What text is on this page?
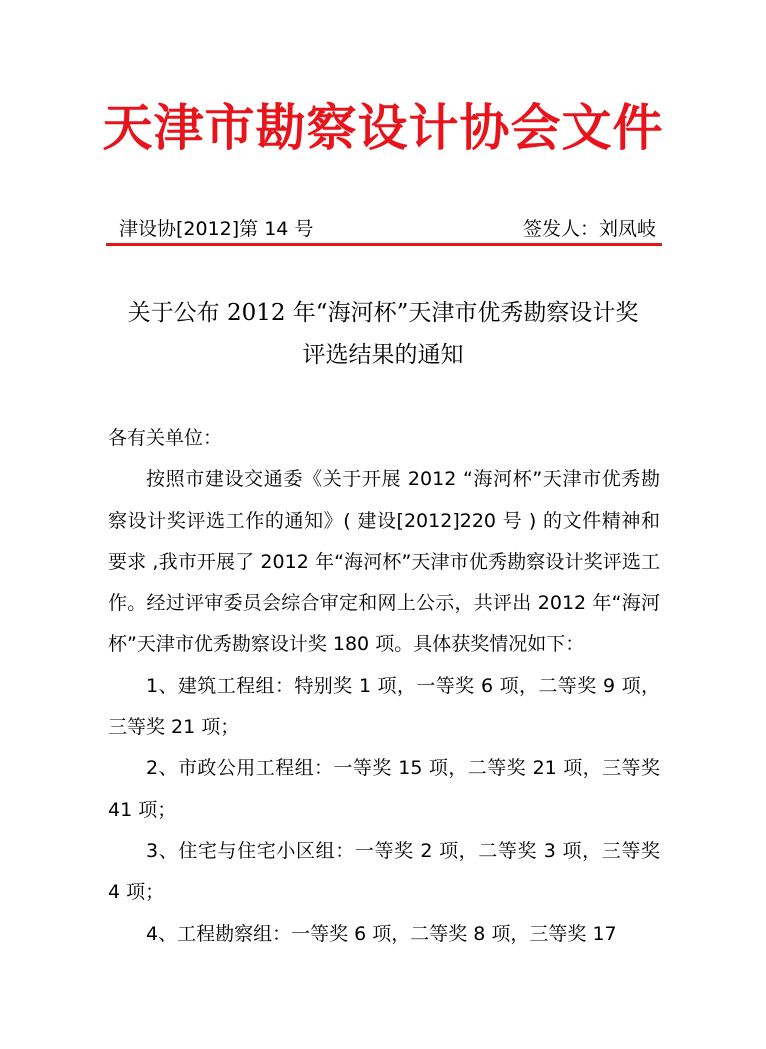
天津市勘察设计协会文件
津设协[2012]第 14 号	签发人：刘凤岐
关于公布 2012 年“海河杯”天津市优秀勘察设计奖
评选结果的通知

各有关单位：

按照市建设交通委《关于开展 2012 “海河杯”天津市优秀勘察设计奖评选工作的通知》( 建设[2012]220 号 ) 的文件精神和要求 ,我市开展了 2012 年“海河杯”天津市优秀勘察设计奖评选工作。经过评审委员会综合审定和网上公示，共评出 2012 年“海河杯”天津市优秀勘察设计奖 180 项。具体获奖情况如下：

1、建筑工程组：特别奖 1 项，一等奖 6 项，二等奖 9 项，三等奖 21 项；

2、市政公用工程组：一等奖 15 项，二等奖 21 项，三等奖 41 项；

3、住宅与住宅小区组：一等奖 2 项，二等奖 3 项，三等奖 4 项；

4、工程勘察组：一等奖 6 项，二等奖 8 项，三等奖 17
